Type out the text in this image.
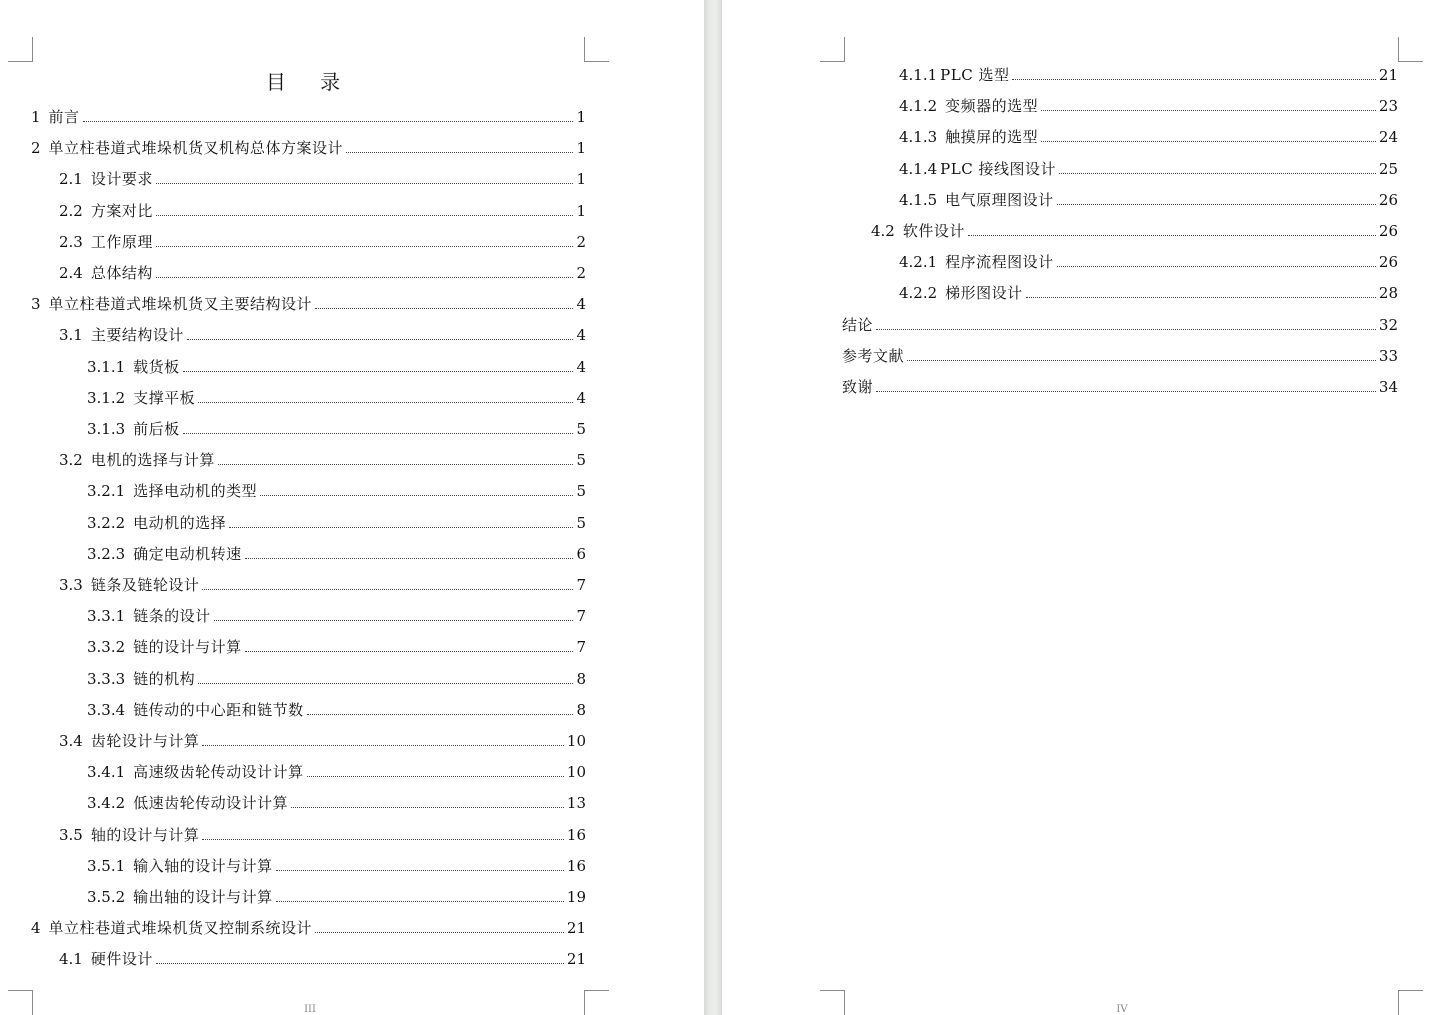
目 录
1 前言	1
2 单立柱巷道式堆垛机货叉机构总体方案设计	1
2.1 设计要求	1
2.2 方案对比	1
2.3 工作原理	2
2.4 总体结构	2
3 单立柱巷道式堆垛机货叉主要结构设计	4
3.1 主要结构设计	4
3.1.1 载货板	4
3.1.2 支撑平板	4
3.1.3 前后板	5
3.2 电机的选择与计算	5
3.2.1 选择电动机的类型	5
3.2.2 电动机的选择	5
3.2.3 确定电动机转速	6
3.3 链条及链轮设计	7
3.3.1 链条的设计	7
3.3.2 链的设计与计算	7
3.3.3 链的机构	8
3.3.4 链传动的中心距和链节数	8
3.4 齿轮设计与计算	10
3.4.1 高速级齿轮传动设计计算	10
3.4.2 低速齿轮传动设计计算	13
3.5 轴的设计与计算	16
3.5.1 输入轴的设计与计算	16
3.5.2 输出轴的设计与计算	19
4 单立柱巷道式堆垛机货叉控制系统设计	21
4.1 硬件设计	21
III
4.1.1 PLC 选型	21
4.1.2 变频器的选型	23
4.1.3 触摸屏的选型	24
4.1.4 PLC 接线图设计	25
4.1.5 电气原理图设计	26
4.2 软件设计	26
4.2.1 程序流程图设计	26
4.2.2 梯形图设计	28
结论	32
参考文献	33
致谢	34
IV
